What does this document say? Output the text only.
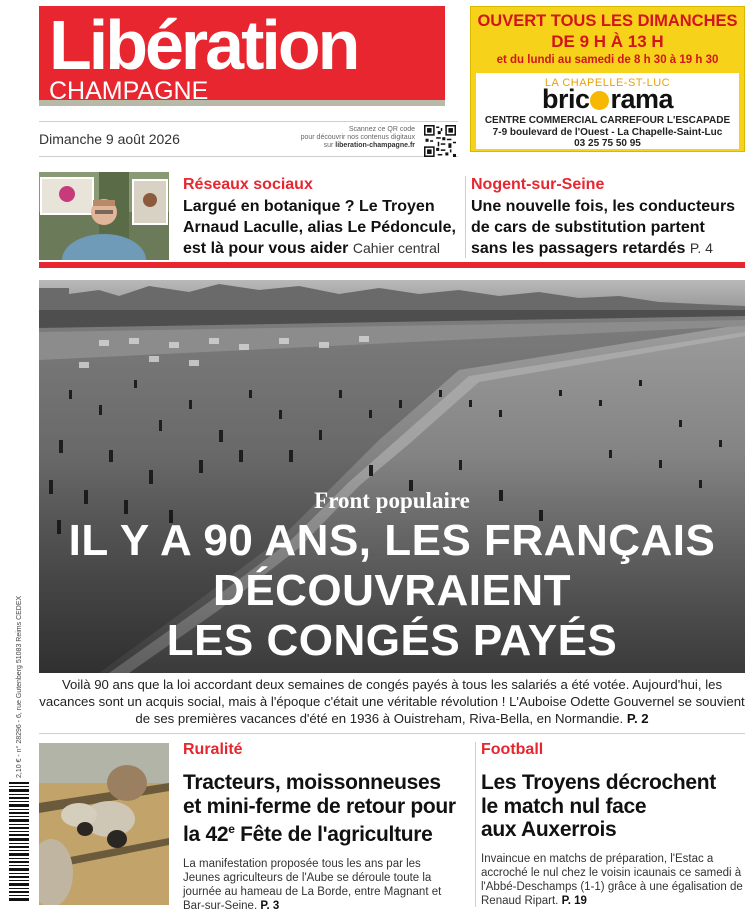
Libération
CHAMPAGNE
OUVERT TOUS LES DIMANCHES
DE 9 H À 13 H
et du lundi au samedi de 8 h 30 à 19 h 30
LA CHAPELLE-ST-LUC
bric rama
CENTRE COMMERCIAL CARREFOUR L'ESCAPADE
7-9 boulevard de l'Ouest - La Chapelle-Saint-Luc
03 25 75 50 95
Dimanche 9 août 2026
Scannez ce QR code
pour découvrir nos contenus digitaux
sur liberation-champagne.fr
Réseaux sociaux
Largué en botanique ? Le Troyen Arnaud Laculle, alias Le Pédoncule, est là pour vous aider Cahier central
Nogent-sur-Seine
Une nouvelle fois, les conducteurs de cars de substitution partent sans les passagers retardés P. 4
Front populaire
IL Y A 90 ANS, LES FRANÇAIS
DÉCOUVRAIENT
LES CONGÉS PAYÉS
Voilà 90 ans que la loi accordant deux semaines de congés payés à tous les salariés a été votée. Aujourd'hui, les vacances sont un acquis social, mais à l'époque c'était une véritable révolution ! L'Auboise Odette Gouvernel se souvient de ses premières vacances d'été en 1936 à Ouistreham, Riva-Bella, en Normandie. P. 2
Ruralité
Tracteurs, moissonneuses
et mini-ferme de retour pour
la 42e Fête de l'agriculture
La manifestation proposée tous les ans par les Jeunes agriculteurs de l'Aube se déroule toute la journée au hameau de La Borde, entre Magnant et Bar-sur-Seine. P. 3
Football
Les Troyens décrochent
le match nul face
aux Auxerrois
Invaincue en matchs de préparation, l'Estac a accroché le nul chez le voisin icaunais ce samedi à l'Abbé-Deschamps (1-1) grâce à une égalisation de Renaud Ripart. P. 19
2,10 € - n° 28296 - 6, rue Gutenberg 51083 Reims CEDEX
